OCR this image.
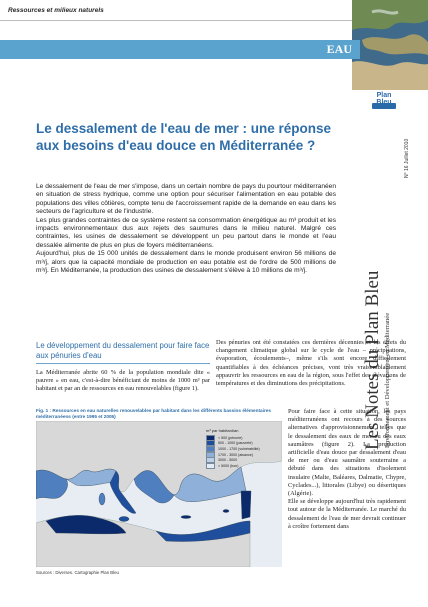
Ressources et milieux naturels
EAU
Plan Bleu
Les Notes du Plan Bleu Environnement et Développement en Méditerranée
N° 16 Juillet 2010
Le dessalement de l'eau de mer : une réponse aux besoins d'eau douce en Méditerranée ?

Le dessalement de l'eau de mer s'impose, dans un certain nombre de pays du pourtour méditerranéen en situation de stress hydrique, comme une option pour sécuriser l'alimentation en eau potable des populations des villes côtières, compte tenu de l'accroissement rapide de la demande en eau dans les secteurs de l'agriculture et de l'industrie.

Les plus grandes contraintes de ce système restent sa consommation énergétique au m³ produit et les impacts environnementaux dus aux rejets des saumures dans le milieu naturel. Malgré ces contraintes, les usines de dessalement se développent un peu partout dans le monde et l'eau dessalée alimente de plus en plus de foyers méditerranéens.

Aujourd'hui, plus de 15 000 unités de dessalement dans le monde produisent environ 56 millions de m³/j, alors que la capacité mondiale de production en eau potable est de l'ordre de 500 millions de m³/j. En Méditerranée, la production des usines de dessalement s'élève à 10 millions de m³/j.

Le développement du dessalement pour faire face aux pénuries d'eau

La Méditerranée abrite 60 % de la population mondiale dite « pauvre » en eau, c'est-à-dire bénéficiant de moins de 1000 m³ par habitant et par an de ressources en eau renouvelables (figure 1).

Des pénuries ont été constatées ces dernières décennies et les effets du changement climatique global sur le cycle de l'eau – précipitations, évaporation, écoulements–, même s'ils sont encore difficilement quantifiables à des échéances précises, vont très vraisemblablement appauvrir les ressources en eau de la région, sous l'effet des élévations de températures et des diminutions des précipitations.

Pour faire face à cette situation, les pays méditerranéens ont recours à des sources alternatives d'approvisionnement, telles que le dessalement des eaux de mer ou des eaux saumâtres (figure 2). La production artificielle d'eau douce par dessalement d'eau de mer ou d'eau saumâtre souterraine a débuté dans des situations d'isolement insulaire (Malte, Baléares, Dalmatie, Chypre, Cyclades...), littorales (Libye) ou désertiques (Algérie).

Elle se développe aujourd'hui très rapidement tout autour de la Méditerranée. Le marché du dessalement de l'eau de mer devrait continuer à croître fortement dans

Fig. 1 : Ressources en eau naturelles renouvelables par habitant dans les différents bassins élémentaires méditerranéens (entre 1995 et 2005)
m³ par habitant/an
< 500 (pénurie)
500 - 1000 (pauvreté)
1000 - 1700 (vulnérabilité)
1700 - 3000 (aisance)
3000 - 5000
> 5000 (bon)
Sources : Diverses. Cartographie Plan Bleu
